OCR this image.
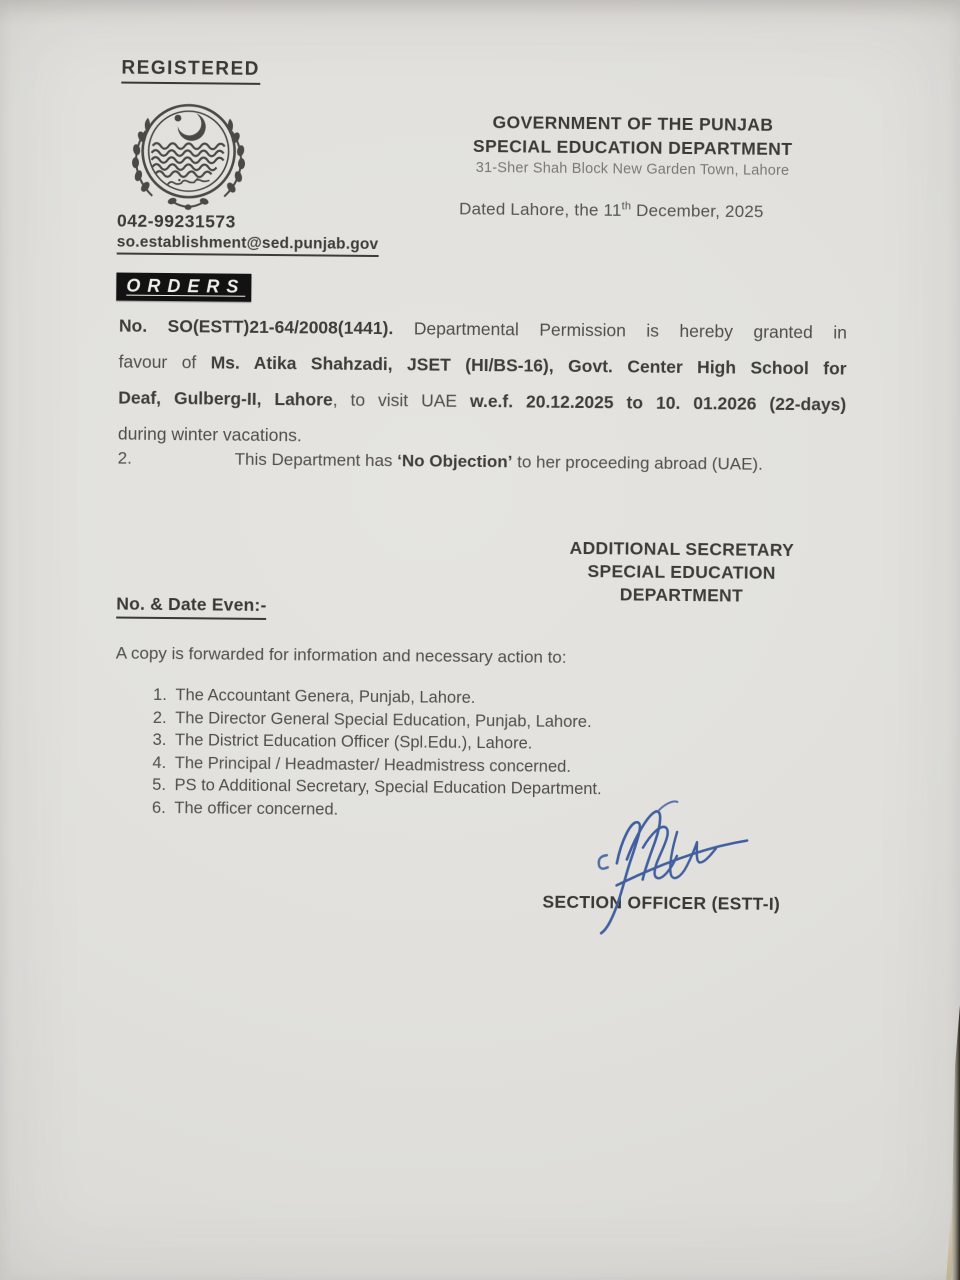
REGISTERED
042-99231573
so.establishment@sed.punjab.gov
GOVERNMENT OF THE PUNJAB
SPECIAL EDUCATION DEPARTMENT
31-Sher Shah Block New Garden Town, Lahore
Dated Lahore, the 11th December, 2025
ORDERS
No. SO(ESTT)21-64/2008(1441). Departmental Permission is hereby granted in
favour of Ms. Atika Shahzadi, JSET (HI/BS-16), Govt. Center High School for
Deaf, Gulberg-II, Lahore, to visit UAE w.e.f. 20.12.2025 to 10. 01.2026 (22-days)
during winter vacations.
2.	This Department has ‘No Objection’ to her proceeding abroad (UAE).
ADDITIONAL SECRETARY
SPECIAL EDUCATION
DEPARTMENT
No. & Date Even:-
A copy is forwarded for information and necessary action to:
1. The Accountant Genera, Punjab, Lahore.
2. The Director General Special Education, Punjab, Lahore.
3. The District Education Officer (Spl.Edu.), Lahore.
4. The Principal / Headmaster/ Headmistress concerned.
5. PS to Additional Secretary, Special Education Department.
6. The officer concerned.
SECTION OFFICER (ESTT-I)
